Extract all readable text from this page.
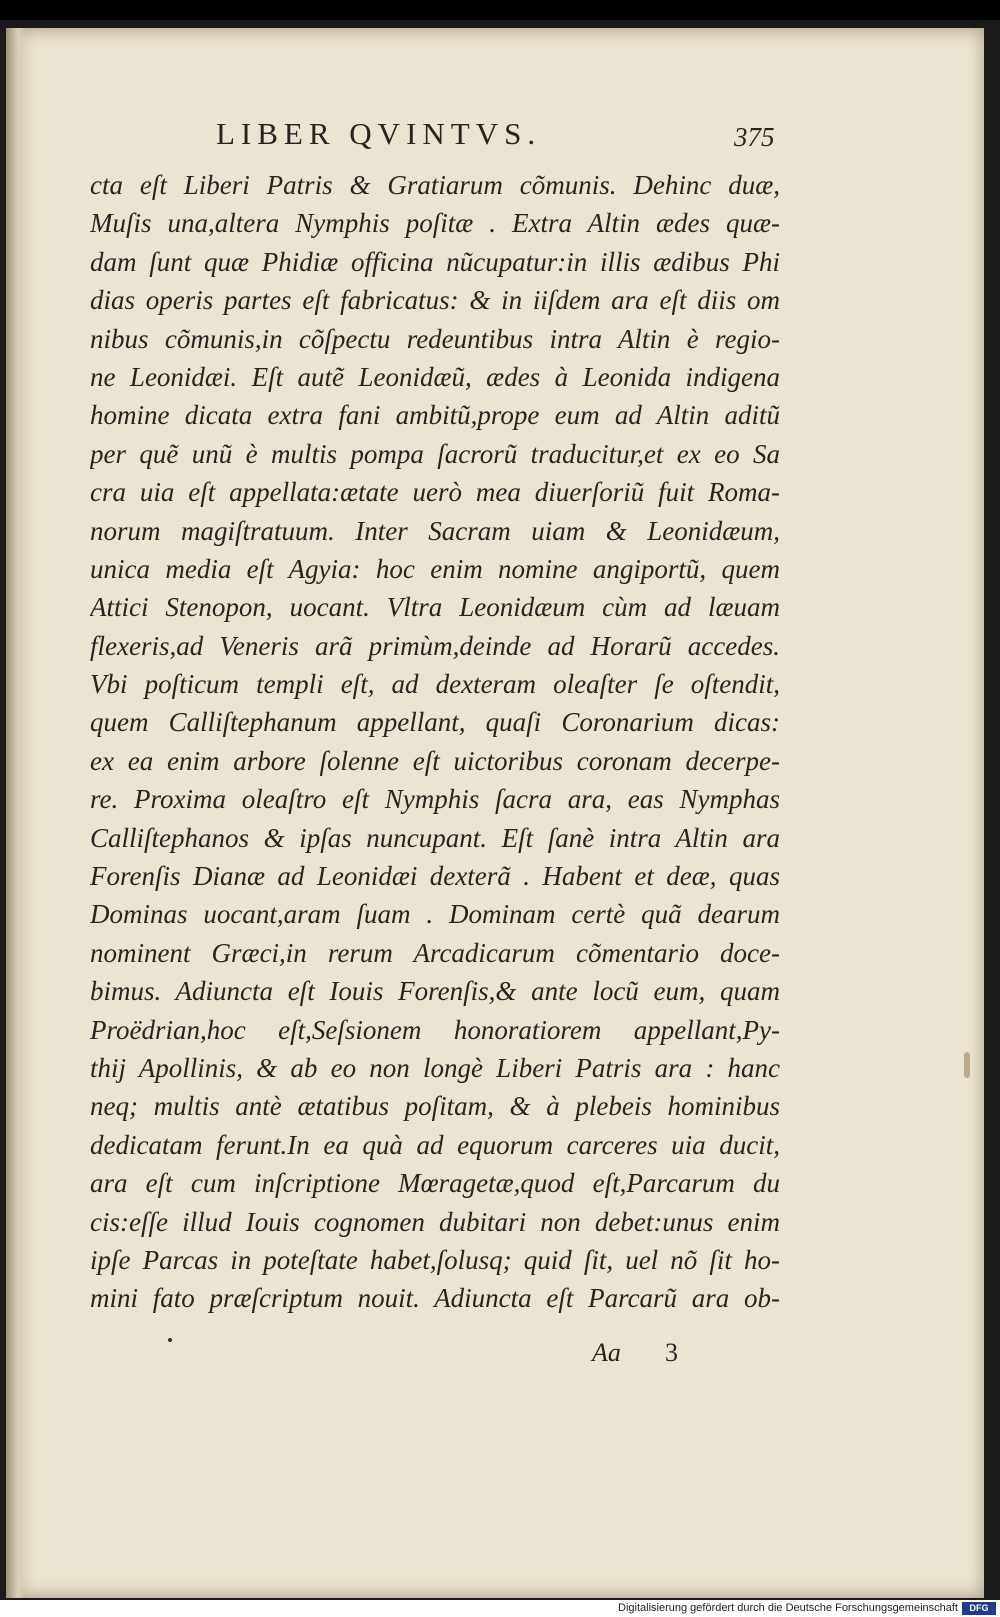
LIBER QVINTVS.	375
cta eſt Liberi Patris & Gratiarum cõmunis. Dehinc duæ,
Muſis una,altera Nymphis poſitæ . Extra Altin ædes quæ-
dam ſunt quæ Phidiæ officina nũcupatur:in illis ædibus Phi
dias operis partes eſt fabricatus: & in iiſdem ara eſt diis om
nibus cõmunis,in cõſpectu redeuntibus intra Altin è regio-
ne Leonidæi. Eſt autẽ Leonidæũ, ædes à Leonida indigena
homine dicata extra fani ambitũ,prope eum ad Altin aditũ
per quẽ unũ è multis pompa ſacrorũ traducitur,et ex eo Sa
cra uia eſt appellata:ætate uerò mea diuerſoriũ fuit Roma-
norum magiſtratuum. Inter Sacram uiam & Leonidæum,
unica media eſt Agyia: hoc enim nomine angiportũ, quem
Attici Stenopon, uocant. Vltra Leonidæum cùm ad læuam
flexeris,ad Veneris arã primùm,deinde ad Horarũ accedes.
Vbi poſticum templi eſt, ad dexteram oleaſter ſe oſtendit,
quem Calliſtephanum appellant, quaſi Coronarium dicas:
ex ea enim arbore ſolenne eſt uictoribus coronam decerpe-
re. Proxima oleaſtro eſt Nymphis ſacra ara, eas Nymphas
Calliſtephanos & ipſas nuncupant. Eſt ſanè intra Altin ara
Forenſis Dianæ ad Leonidæi dexterã . Habent et deæ, quas
Dominas uocant,aram ſuam . Dominam certè quã dearum
nominent Græci,in rerum Arcadicarum cõmentario doce-
bimus. Adiuncta eſt Iouis Forenſis,& ante locũ eum, quam
Proëdrian,hoc eſt,Seſsionem honoratiorem appellant,Py-
thij Apollinis, & ab eo non longè Liberi Patris ara : hanc
neq; multis antè ætatibus poſitam, & à plebeis hominibus
dedicatam ferunt.In ea quà ad equorum carceres uia ducit,
ara eſt cum inſcriptione Mœragetæ,quod eſt,Parcarum du
cis:eſſe illud Iouis cognomen dubitari non debet:unus enim
ipſe Parcas in poteſtate habet,ſolusq; quid ſit, uel nõ ſit ho-
mini fato præſcriptum nouit. Adiuncta eſt Parcarũ ara ob-
Aa 3
Digitalisierung gefördert durch die Deutsche Forschungsgemeinschaft	DFG
